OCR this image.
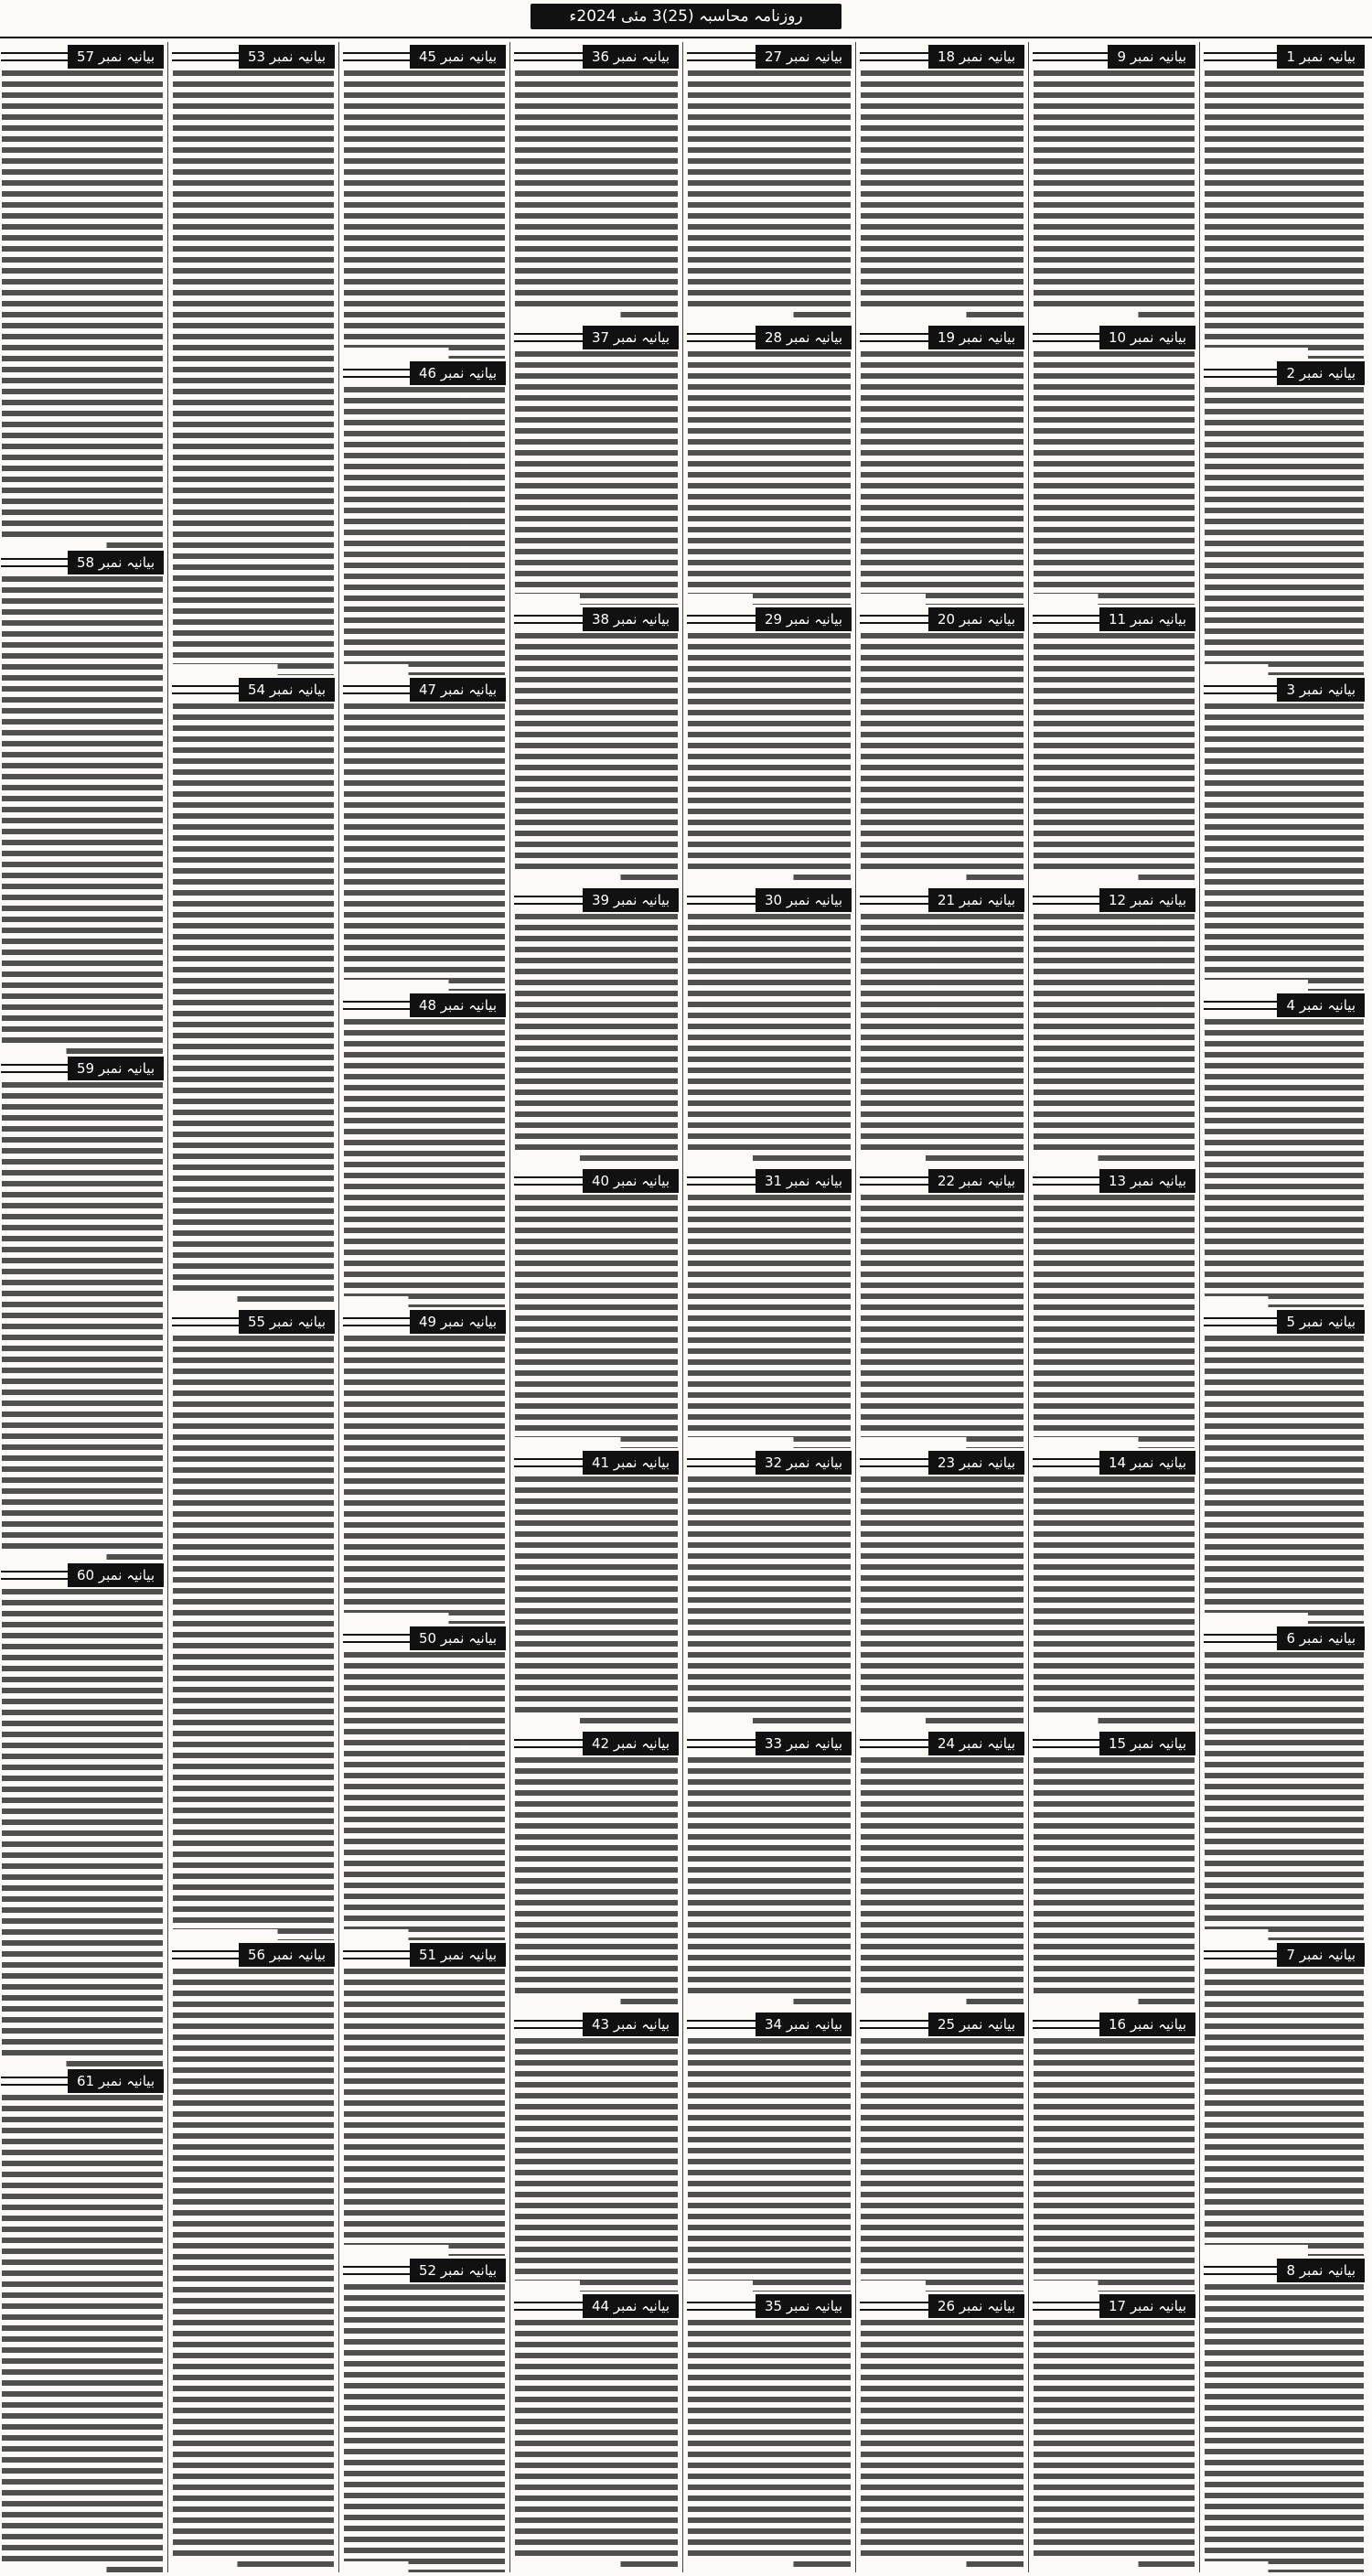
روزنامہ محاسبہ (25)3 مئی 2024ء
بیانیہ نمبر 1
بیانیہ نمبر 2
بیانیہ نمبر 3
بیانیہ نمبر 4
بیانیہ نمبر 5
بیانیہ نمبر 6
بیانیہ نمبر 7
بیانیہ نمبر 8
بیانیہ نمبر 9
بیانیہ نمبر 10
بیانیہ نمبر 11
بیانیہ نمبر 12
بیانیہ نمبر 13
بیانیہ نمبر 14
بیانیہ نمبر 15
بیانیہ نمبر 16
بیانیہ نمبر 17
بیانیہ نمبر 18
بیانیہ نمبر 19
بیانیہ نمبر 20
بیانیہ نمبر 21
بیانیہ نمبر 22
بیانیہ نمبر 23
بیانیہ نمبر 24
بیانیہ نمبر 25
بیانیہ نمبر 26
بیانیہ نمبر 27
بیانیہ نمبر 28
بیانیہ نمبر 29
بیانیہ نمبر 30
بیانیہ نمبر 31
بیانیہ نمبر 32
بیانیہ نمبر 33
بیانیہ نمبر 34
بیانیہ نمبر 35
بیانیہ نمبر 36
بیانیہ نمبر 37
بیانیہ نمبر 38
بیانیہ نمبر 39
بیانیہ نمبر 40
بیانیہ نمبر 41
بیانیہ نمبر 42
بیانیہ نمبر 43
بیانیہ نمبر 44
بیانیہ نمبر 45
بیانیہ نمبر 46
بیانیہ نمبر 47
بیانیہ نمبر 48
بیانیہ نمبر 49
بیانیہ نمبر 50
بیانیہ نمبر 51
بیانیہ نمبر 52
بیانیہ نمبر 53
بیانیہ نمبر 54
بیانیہ نمبر 55
بیانیہ نمبر 56
بیانیہ نمبر 57
بیانیہ نمبر 58
بیانیہ نمبر 59
بیانیہ نمبر 60
بیانیہ نمبر 61
